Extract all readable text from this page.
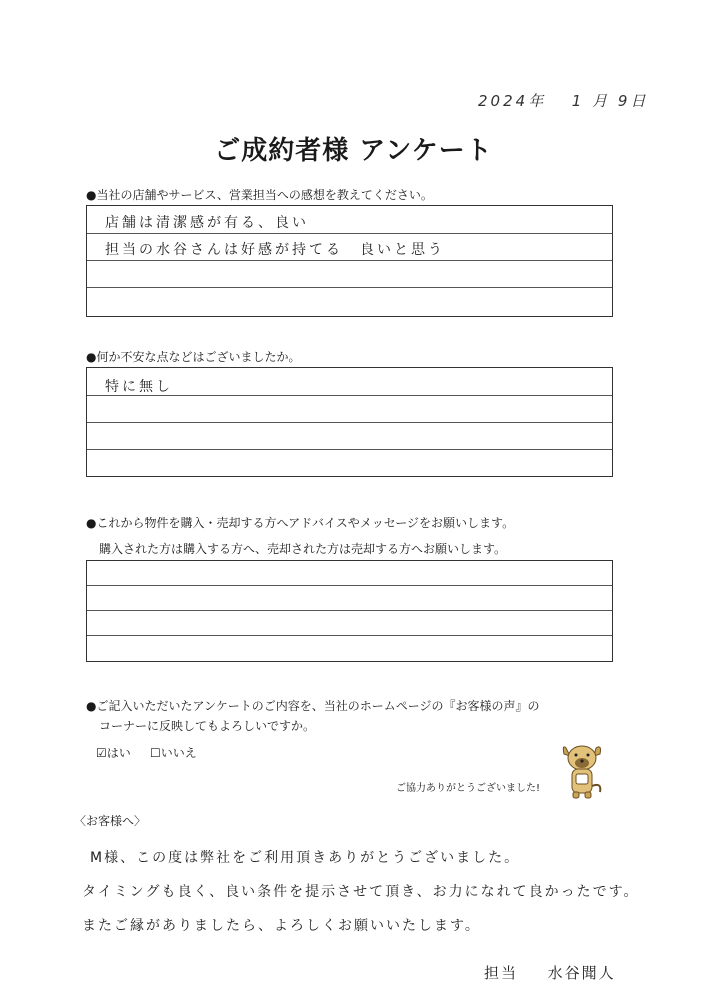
2024年 1 月 9日
ご成約者様 アンケート
●当社の店舗やサービス、営業担当への感想を教えてください。
店舗は清潔感が有る、良い
担当の水谷さんは好感が持てる　良いと思う
●何か不安な点などはございましたか。
特に無し
●これから物件を購入・売却する方へアドバイスやメッセージをお願いします。
購入された方は購入する方へ、売却された方は売却する方へお願いします。
●ご記入いただいたアンケートのご内容を、当社のホームページの『お客様の声』の
コーナーに反映してもよろしいですか。
☑はい ☐いいえ
ご協力ありがとうございました!
〈お客様へ〉
M様、この度は弊社をご利用頂きありがとうございました。
タイミングも良く、良い条件を提示させて頂き、お力になれて良かったです。
またご縁がありましたら、よろしくお願いいたします。
担当 水谷聞人
